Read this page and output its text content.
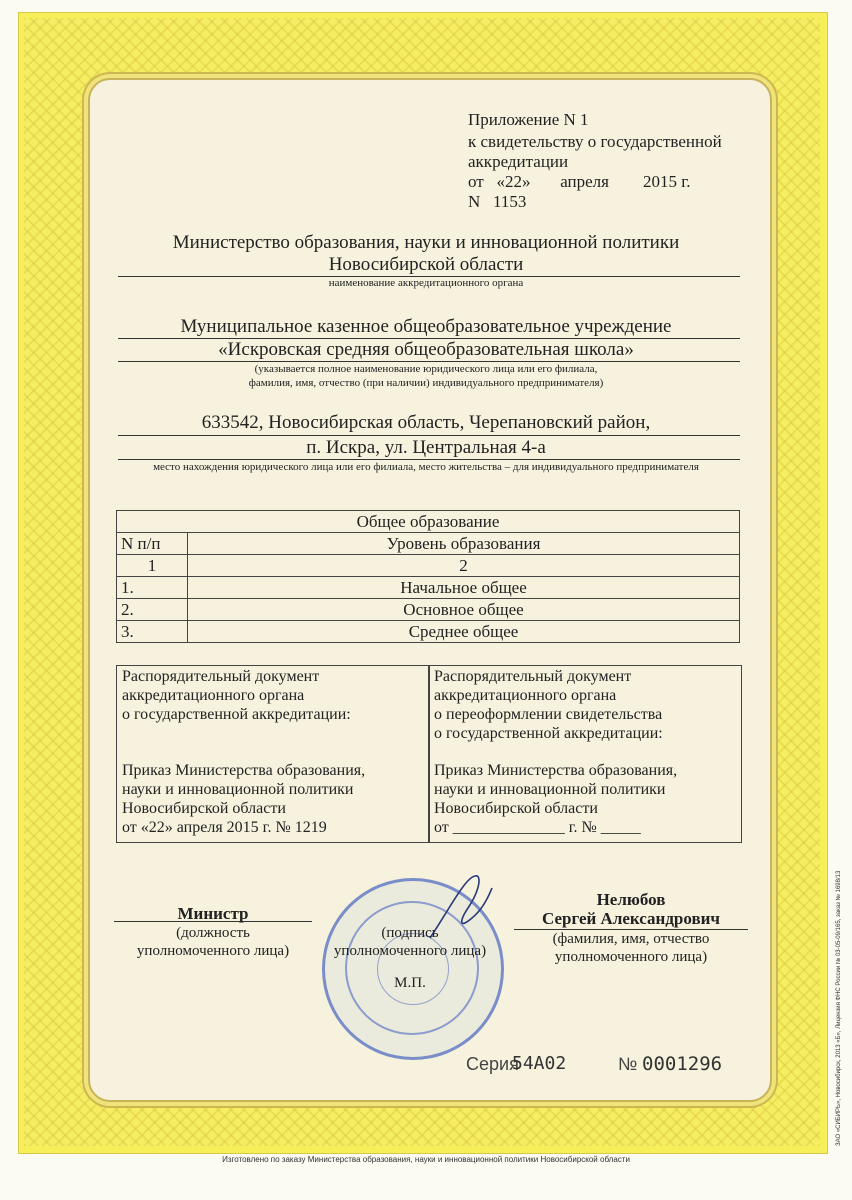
Приложение N 1
к свидетельству о государственной
аккредитации
от   «22»       апреля        2015 г.
N   1153
Министерство образования, науки и инновационной политики
Новосибирской области
наименование аккредитационного органа
Муниципальное казенное общеобразовательное учреждение
«Искровская средняя общеобразовательная школа»
(указывается полное наименование юридического лица или его филиала,
фамилия, имя, отчество (при наличии) индивидуального предпринимателя)
633542, Новосибирская область, Черепановский район,
п. Искра, ул. Центральная 4-а
место нахождения юридического лица или его филиала, место жительства – для индивидуального предпринимателя
Общее образование	
N п/п	Уровень образования
1	2
1.	Начальное общее
2.	Основное общее
3.	Среднее общее
Распорядительный документ
аккредитационного органа
о государственной аккредитации:
Приказ Министерства образования,
науки и инновационной политики
Новосибирской области
от «22» апреля 2015 г. № 1219
Распорядительный документ
аккредитационного органа
о переоформлении свидетельства
о государственной аккредитации:
Приказ Министерства образования,
науки и инновационной политики
Новосибирской области
от ______________ г. № _____
Министр
(должность
уполномоченного лица)
(подпись
уполномоченного лица)
М.П.
Нелюбов
Сергей Александрович
(фамилия, имя, отчество
уполномоченного лица)
Серия
54А02	№ 0001296	ЗАО «СИБИРЬ», Новосибирск, 2013 «Б», Лицензия ФНС России № 03-05-09/165, заказ № 1698/13
Изготовлено по заказу Министерства образования, науки и инновационной политики Новосибирской области
